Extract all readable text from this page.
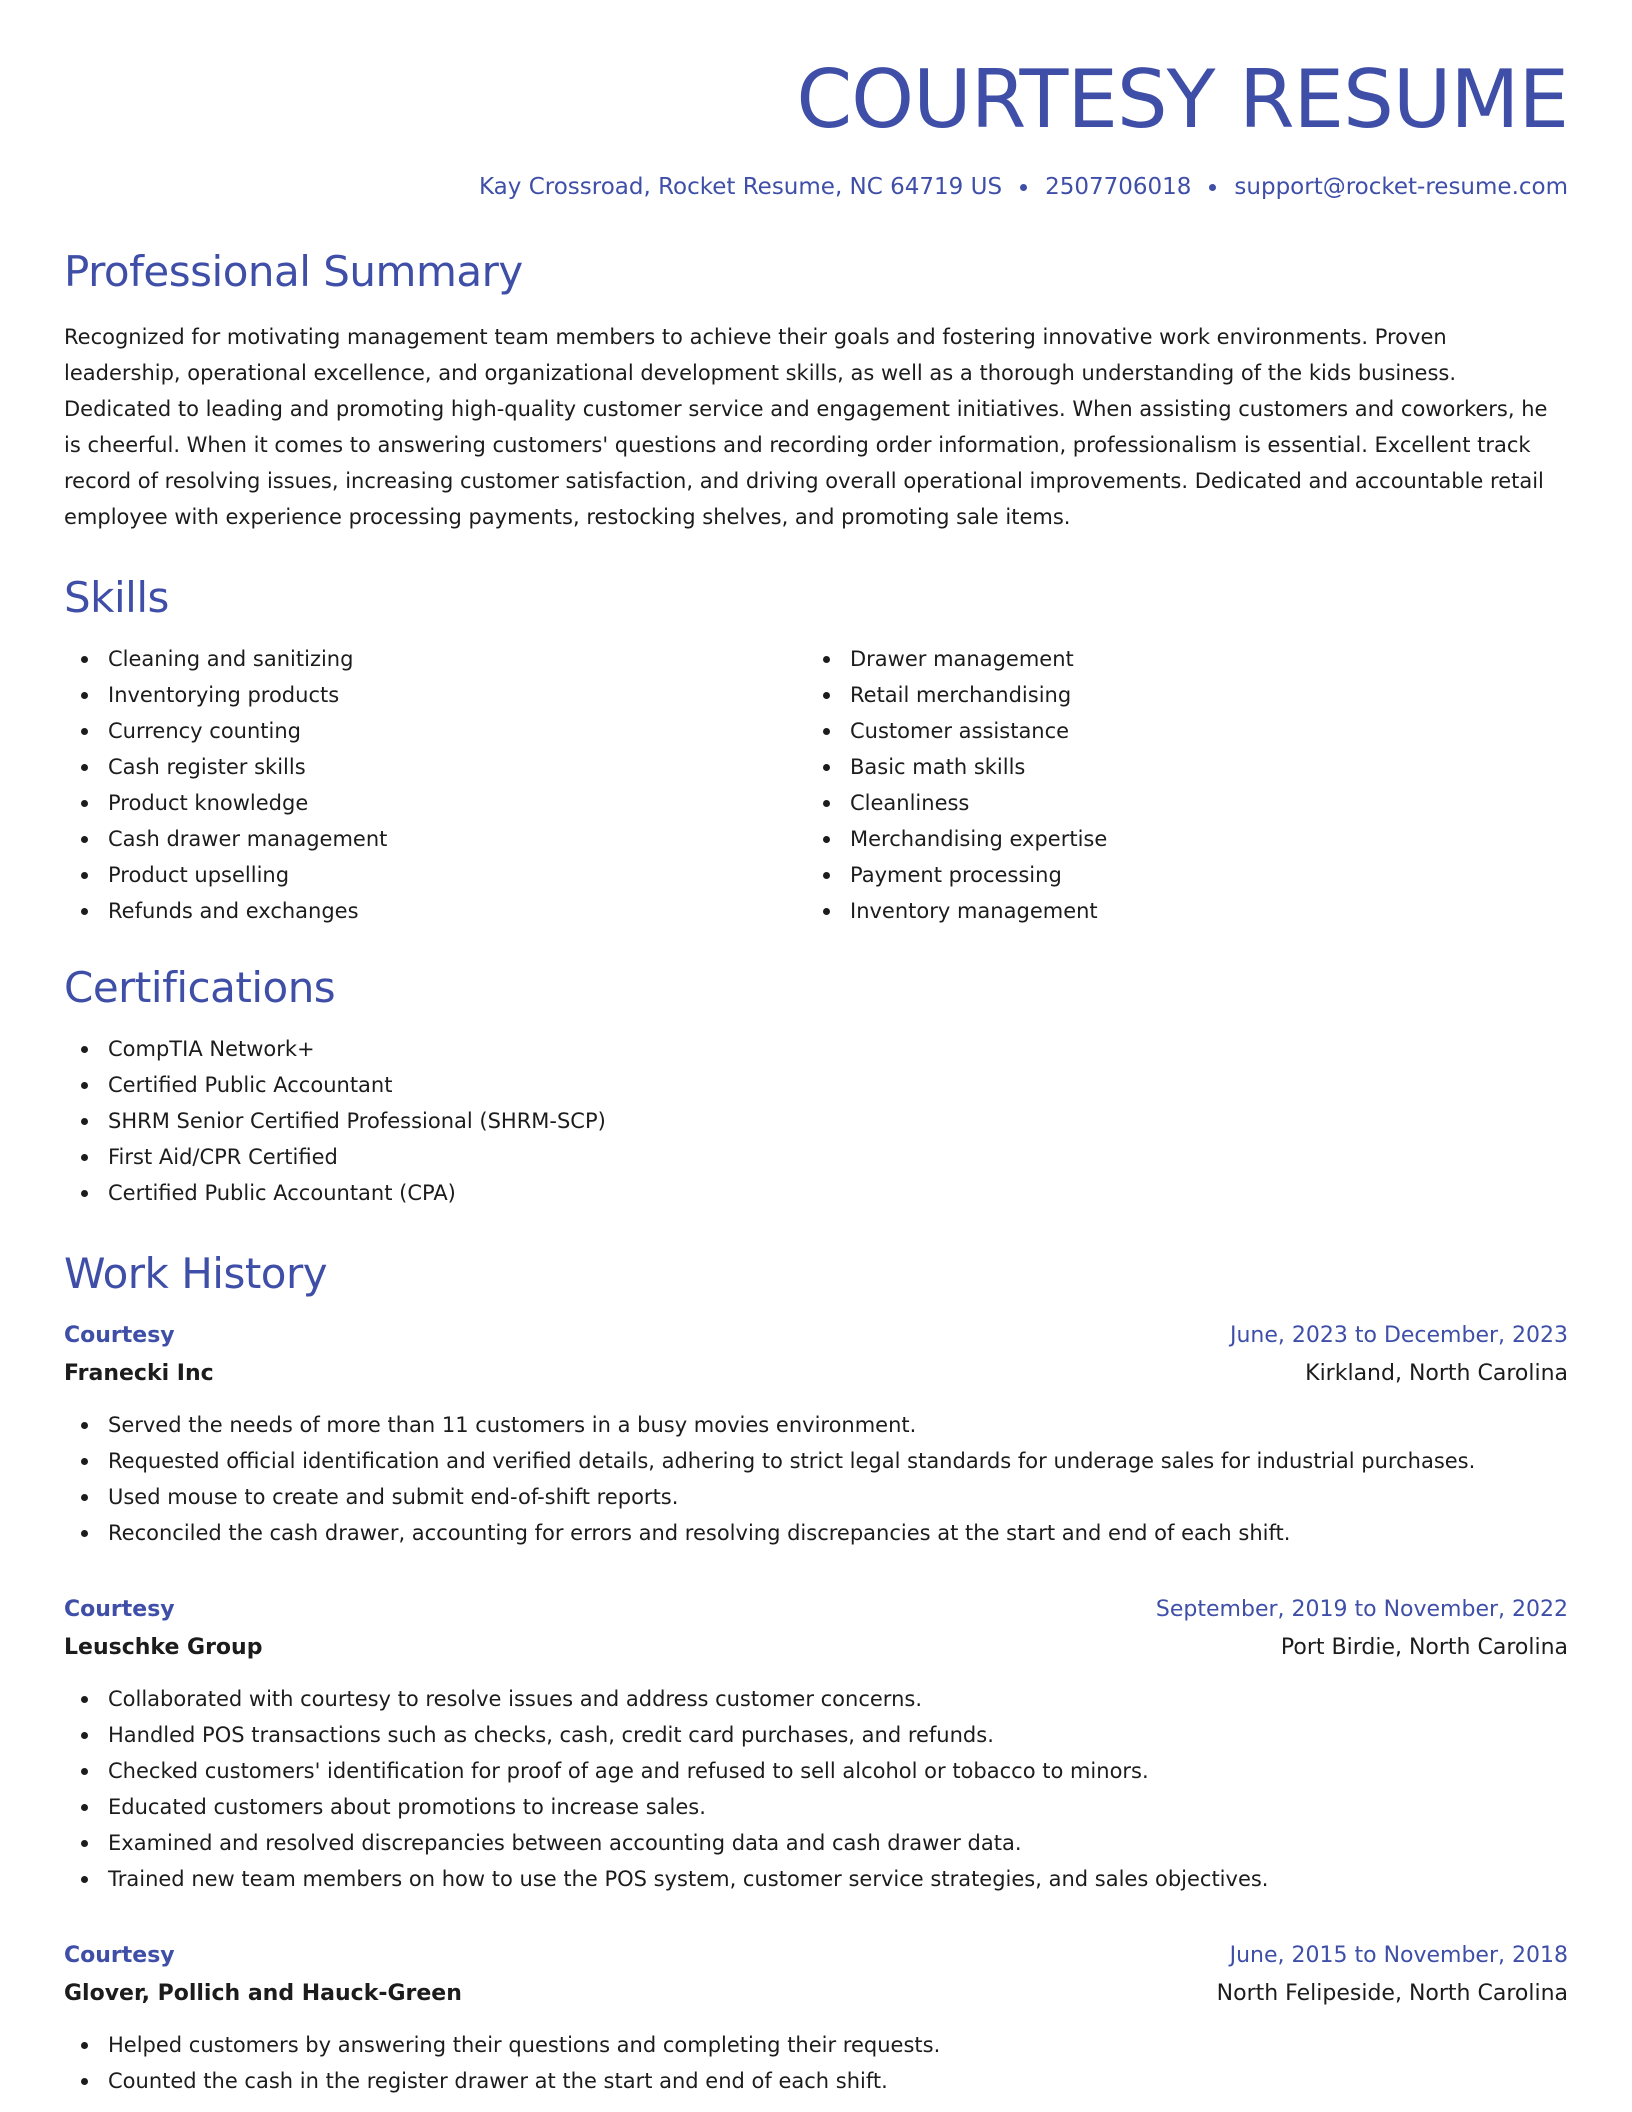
COURTESY RESUME
Kay Crossroad, Rocket Resume, NC 64719 US 2507706018 support@rocket-resume.com
Professional Summary

Recognized for motivating management team members to achieve their goals and fostering innovative work environments. Proven leadership, operational excellence, and organizational development skills, as well as a thorough understanding of the kids business. Dedicated to leading and promoting high-quality customer service and engagement initiatives. When assisting customers and coworkers, he is cheerful. When it comes to answering customers' questions and recording order information, professionalism is essential. Excellent track record of resolving issues, increasing customer satisfaction, and driving overall operational improvements. Dedicated and accountable retail employee with experience processing payments, restocking shelves, and promoting sale items.

Skills
Cleaning and sanitizing
Inventorying products
Currency counting
Cash register skills
Product knowledge
Cash drawer management
Product upselling
Refunds and exchanges
Drawer management
Retail merchandising
Customer assistance
Basic math skills
Cleanliness
Merchandising expertise
Payment processing
Inventory management
Certifications
CompTIA Network+
Certified Public Accountant
SHRM Senior Certified Professional (SHRM-SCP)
First Aid/CPR Certified
Certified Public Accountant (CPA)
Work History
Courtesy	June, 2023 to December, 2023
Franecki Inc	Kirkland, North Carolina
Served the needs of more than 11 customers in a busy movies environment.
Requested official identification and verified details, adhering to strict legal standards for underage sales for industrial purchases.
Used mouse to create and submit end-of-shift reports.
Reconciled the cash drawer, accounting for errors and resolving discrepancies at the start and end of each shift.
Courtesy	September, 2019 to November, 2022
Leuschke Group	Port Birdie, North Carolina
Collaborated with courtesy to resolve issues and address customer concerns.
Handled POS transactions such as checks, cash, credit card purchases, and refunds.
Checked customers' identification for proof of age and refused to sell alcohol or tobacco to minors.
Educated customers about promotions to increase sales.
Examined and resolved discrepancies between accounting data and cash drawer data.
Trained new team members on how to use the POS system, customer service strategies, and sales objectives.
Courtesy	June, 2015 to November, 2018
Glover, Pollich and Hauck-Green	North Felipeside, North Carolina
Helped customers by answering their questions and completing their requests.
Counted the cash in the register drawer at the start and end of each shift.
